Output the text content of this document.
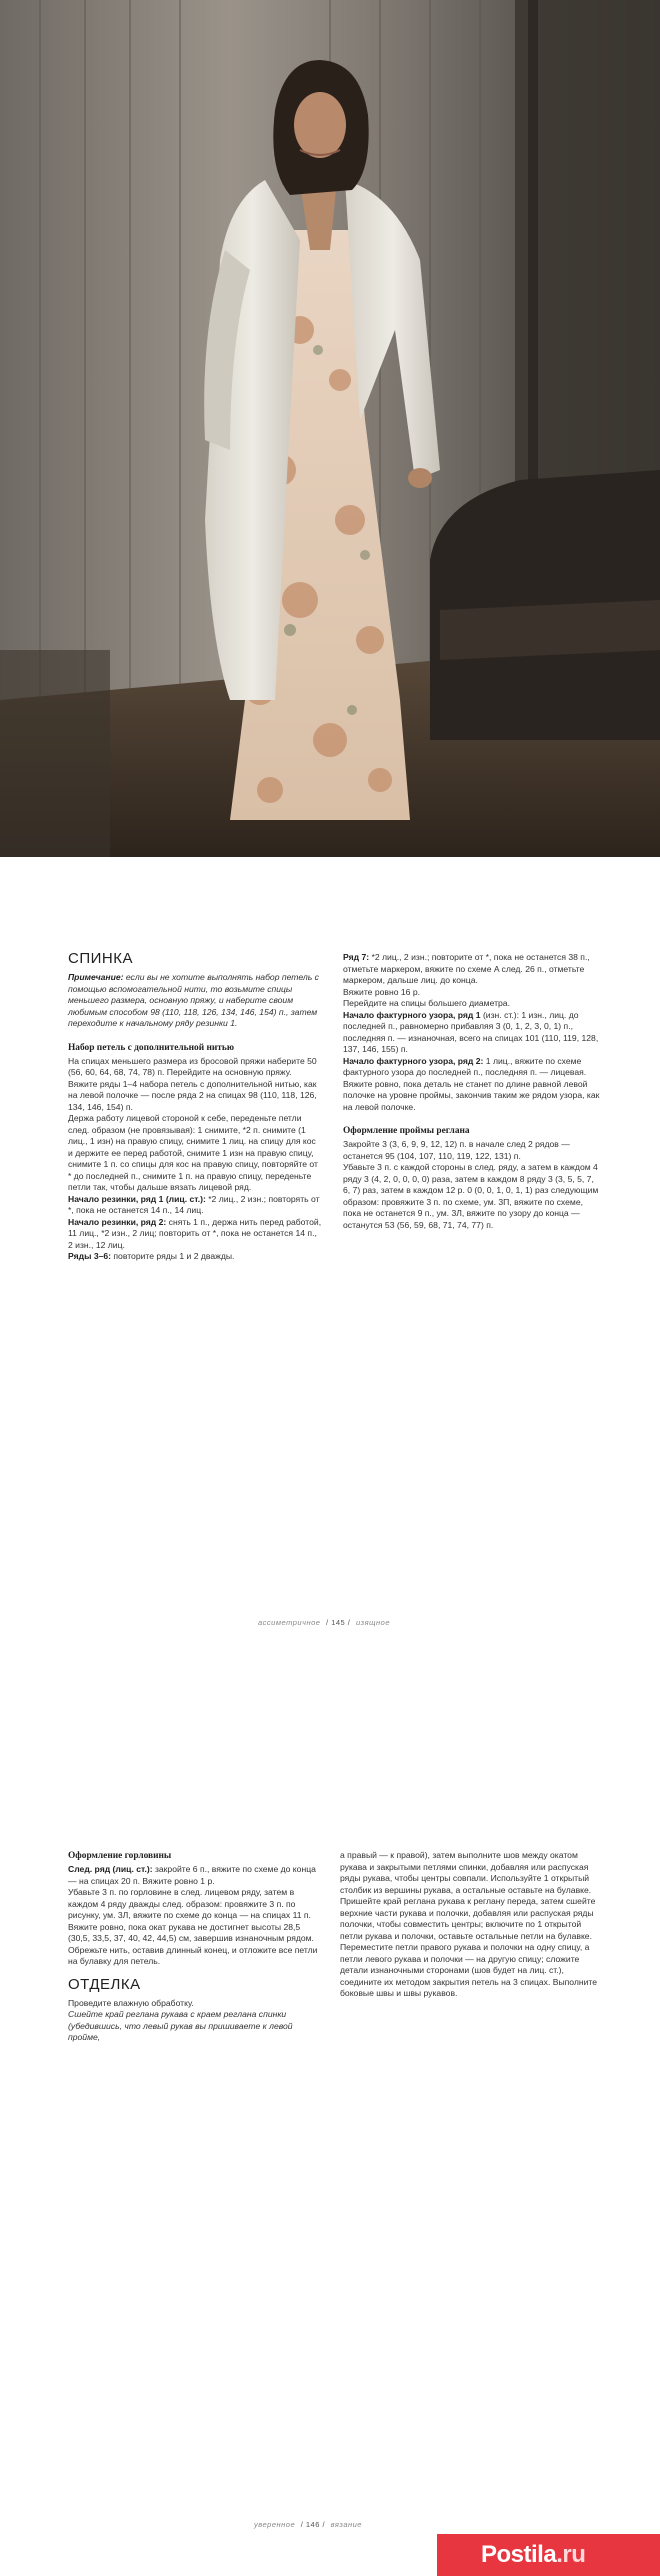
СПИНКА

Примечание: если вы не хотите выполнять набор петель с помощью вспомогательной нити, то возьмите спицы меньшего размера, основную пряжу, и наберите своим любимым способом 98 (110, 118, 126, 134, 146, 154) п., затем переходите к начальному ряду резинки 1.

Набор петель с дополнительной нитью

На спицах меньшего размера из бросовой пряжи наберите 50 (56, 60, 64, 68, 74, 78) п. Перейдите на основную пряжу.

Вяжите ряды 1–4 набора петель с дополнительной нитью, как на левой полочке — после ряда 2 на спицах 98 (110, 118, 126, 134, 146, 154) п.

Держа работу лицевой стороной к себе, переденьте петли след. образом (не провязывая): 1 снимите, *2 п. снимите (1 лиц., 1 изн) на правую спицу, снимите 1 лиц. на спицу для кос и держите ее перед работой, снимите 1 изн на правую спицу, снимите 1 п. со спицы для кос на правую спицу, повторяйте от * до последней п., снимите 1 п. на правую спицу, переденьте петли так, чтобы дальше вязать лицевой ряд.

Начало резинки, ряд 1 (лиц. ст.): *2 лиц., 2 изн.; повторять от *, пока не останется 14 п., 14 лиц.

Начало резинки, ряд 2: снять 1 п., держа нить перед работой, 11 лиц., *2 изн., 2 лиц; повторить от *, пока не останется 14 п., 2 изн., 12 лиц.

Ряды 3–6: повторите ряды 1 и 2 дважды.

Ряд 7: *2 лиц., 2 изн.; повторите от *, пока не останется 38 п., отметьте маркером, вяжите по схеме A след. 26 п., отметьте маркером, дальше лиц. до конца.

Вяжите ровно 16 р.

Перейдите на спицы большего диаметра.

Начало фактурного узора, ряд 1 (изн. ст.): 1 изн., лиц. до последней п., равномерно прибавляя 3 (0, 1, 2, 3, 0, 1) п., последняя п. — изнаночная, всего на спицах 101 (110, 119, 128, 137, 146, 155) п.

Начало фактурного узора, ряд 2: 1 лиц., вяжите по схеме фактурного узора до последней п., последняя п. — лицевая.

Вяжите ровно, пока деталь не станет по длине равной левой полочке на уровне проймы, закончив таким же рядом узора, как на левой полочке.

Оформление проймы реглана

Закройте 3 (3, 6, 9, 9, 12, 12) п. в начале след 2 рядов — останется 95 (104, 107, 110, 119, 122, 131) п.

Убавьте 3 п. с каждой стороны в след. ряду, а затем в каждом 4 ряду 3 (4, 2, 0, 0, 0, 0) раза, затем в каждом 8 ряду 3 (3, 5, 5, 7, 6, 7) раз, затем в каждом 12 р. 0 (0, 0, 1, 0, 1, 1) раз следующим образом: провяжите 3 п. по схеме, ум. 3П, вяжите по схеме, пока не останется 9 п., ум. 3Л, вяжите по узору до конца — останутся 53 (56, 59, 68, 71, 74, 77) п.

ассиметричное / 145 / изящное
Оформление горловины

След. ряд (лиц. ст.): закройте 6 п., вяжите по схеме до конца — на спицах 20 п. Вяжите ровно 1 р.

Убавьте 3 п. по горловине в след. лицевом ряду, затем в каждом 4 ряду дважды след. образом: провяжите 3 п. по рисунку, ум. 3Л, вяжите по схеме до конца — на спицах 11 п.

Вяжите ровно, пока окат рукава не достигнет высоты 28,5 (30,5, 33,5, 37, 40, 42, 44,5) см, завершив изнаночным рядом. Обрежьте нить, оставив длинный конец, и отложите все петли на булавку для петель.

ОТДЕЛКА

Проведите влажную обработку.

Сшейте край реглана рукава с краем реглана спинки (убедившись, что левый рукав вы пришиваете к левой пройме,

а правый — к правой), затем выполните шов между окатом рукава и закрытыми петлями спинки, добавляя или распуская ряды рукава, чтобы центры совпали. Используйте 1 открытый столбик из вершины рукава, а остальные оставьте на булавке. Пришейте край реглана рукава к реглану переда, затем сшейте верхние части рукава и полочки, добавляя или распуская ряды полочки, чтобы совместить центры; включите по 1 открытой петли рукава и полочки, оставьте остальные петли на булавке. Переместите петли правого рукава и полочки на одну спицу, а петли левого рукава и полочки — на другую спицу; сложите детали изнаночными сторонами (шов будет на лиц. ст.), соедините их методом закрытия петель на 3 спицах. Выполните боковые швы и швы рукавов.

уверенное / 146 / вязание
Postila.ru
